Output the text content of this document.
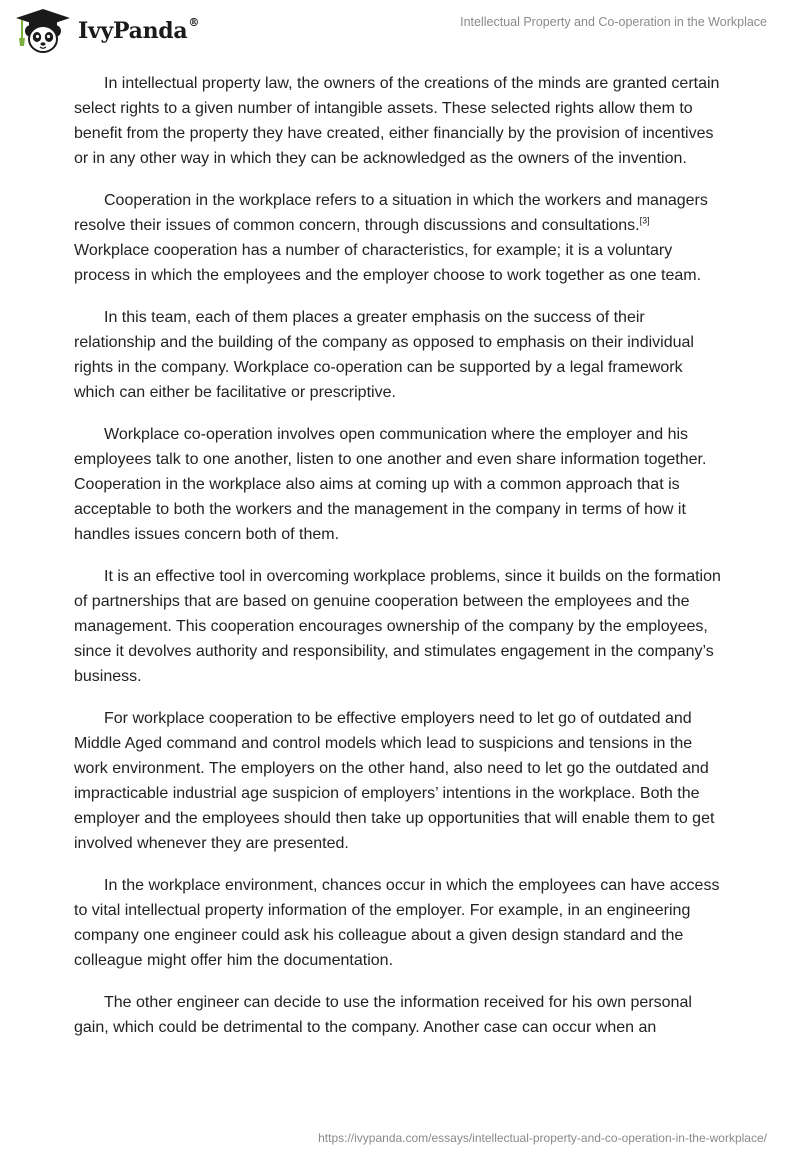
IvyPanda®	Intellectual Property and Co-operation in the Workplace

In intellectual property law, the owners of the creations of the minds are granted certain select rights to a given number of intangible assets. These selected rights allow them to benefit from the property they have created, either financially by the provision of incentives or in any other way in which they can be acknowledged as the owners of the invention.

Cooperation in the workplace refers to a situation in which the workers and managers resolve their issues of common concern, through discussions and consultations.[3] Workplace cooperation has a number of characteristics, for example; it is a voluntary process in which the employees and the employer choose to work together as one team.

In this team, each of them places a greater emphasis on the success of their relationship and the building of the company as opposed to emphasis on their individual rights in the company. Workplace co-operation can be supported by a legal framework which can either be facilitative or prescriptive.

Workplace co-operation involves open communication where the employer and his employees talk to one another, listen to one another and even share information together. Cooperation in the workplace also aims at coming up with a common approach that is acceptable to both the workers and the management in the company in terms of how it handles issues concern both of them.

It is an effective tool in overcoming workplace problems, since it builds on the formation of partnerships that are based on genuine cooperation between the employees and the management. This cooperation encourages ownership of the company by the employees, since it devolves authority and responsibility, and stimulates engagement in the company’s business.

For workplace cooperation to be effective employers need to let go of outdated and Middle Aged command and control models which lead to suspicions and tensions in the work environment. The employers on the other hand, also need to let go the outdated and impracticable industrial age suspicion of employers’ intentions in the workplace. Both the employer and the employees should then take up opportunities that will enable them to get involved whenever they are presented.

In the workplace environment, chances occur in which the employees can have access to vital intellectual property information of the employer. For example, in an engineering company one engineer could ask his colleague about a given design standard and the colleague might offer him the documentation.

The other engineer can decide to use the information received for his own personal gain, which could be detrimental to the company. Another case can occur when an

https://ivypanda.com/essays/intellectual-property-and-co-operation-in-the-workplace/
